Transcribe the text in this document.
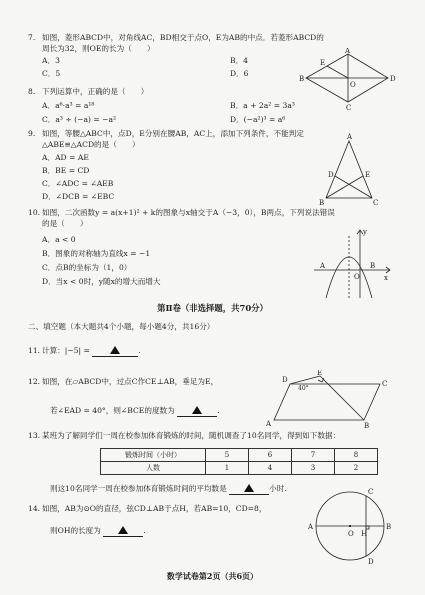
7. 如图，菱形ABCD中，对角线AC，BD相交于点O，E为AB的中点．若菱形ABCD的
周长为32，则OE的长为（　　）
A．3	B．4
C．5	D．6
A
B
C
D
E
O
8. 下列运算中，正确的是（　　）
A．a⁶·a³ = a¹⁸	B．a + 2a² = 3a³
C．a³ ÷ (−a) = −a²	D．(−a²)³ = a⁶
9. 如图，等腰△ABC中，点D，E分别在腰AB，AC上，添加下列条件，不能判定
△ABE≌△ACD的是（　　）
A．AD = AE
B．BE = CD
C．∠ADC = ∠AEB
D．∠DCB = ∠EBC
A
B	C
D	E
10. 如图，二次函数y = a(x+1)² + k的图象与x轴交于A（−3，0），B两点，下列说法错误
的是（　　）
A．a < 0
B．图象的对称轴为直线x = −1
C．点B的坐标为（1，0）
D．当x < 0时，y随x的增大而增大
y
x
A
O
B
第Ⅱ卷（非选择题，共70分）
二、填空题（本大题共4个小题，每小题4分，共16分）
11. 计算：|−5| =	.
12. 如图，在▱ABCD中，过点C作CE⊥AB，垂足为E，
若∠EAD = 40°，则∠BCE的度数为	.
A	B
C
D
E
40°
13. 某班为了解同学们一周在校参加体育锻炼的时间，随机调查了10名同学，得到如下数据：
锻炼时间（小时）	5	6	7	8
人数	1	4	3	2
则这10名同学一周在校参加体育锻炼时间的平均数是	小时.
14. 如图，AB为⊙O的直径，弦CD⊥AB于点H，若AB=10，CD=8，
则OH的长度为	.	A	B
C
D
O H
数学试卷第2页（共6页）
